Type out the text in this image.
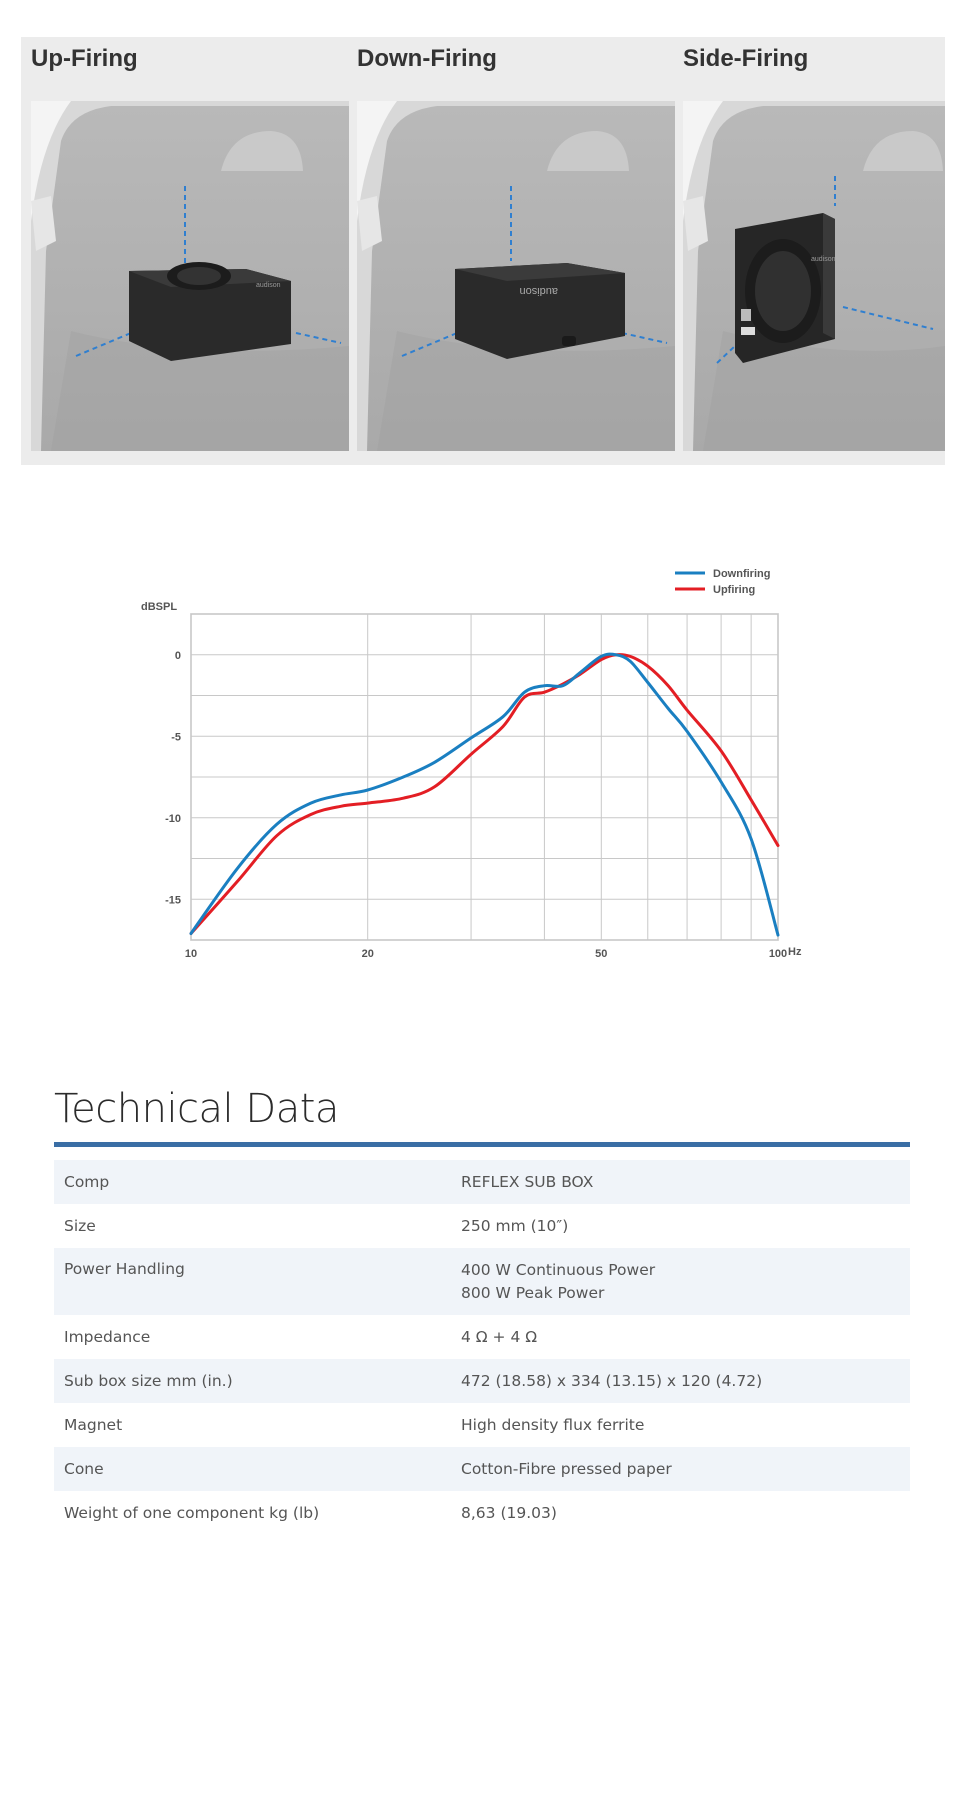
Up-Firing	Down-Firing	Side-Firing
audison	audison
audison
10	20	50	100
0
-5
-10
-15
Hz
dBSPL
Downfiring
Upfiring
Technical Data
Comp	REFLEX SUB BOX

Size	250 mm (10″)

Power Handling	400 W Continuous Power
800 W Peak Power

Impedance	4 Ω + 4 Ω

Sub box size mm (in.)	472 (18.58) x 334 (13.15) x 120 (4.72)

Magnet	High density flux ferrite

Cone	Cotton-Fibre pressed paper

Weight of one component kg (lb)	8,63 (19.03)
